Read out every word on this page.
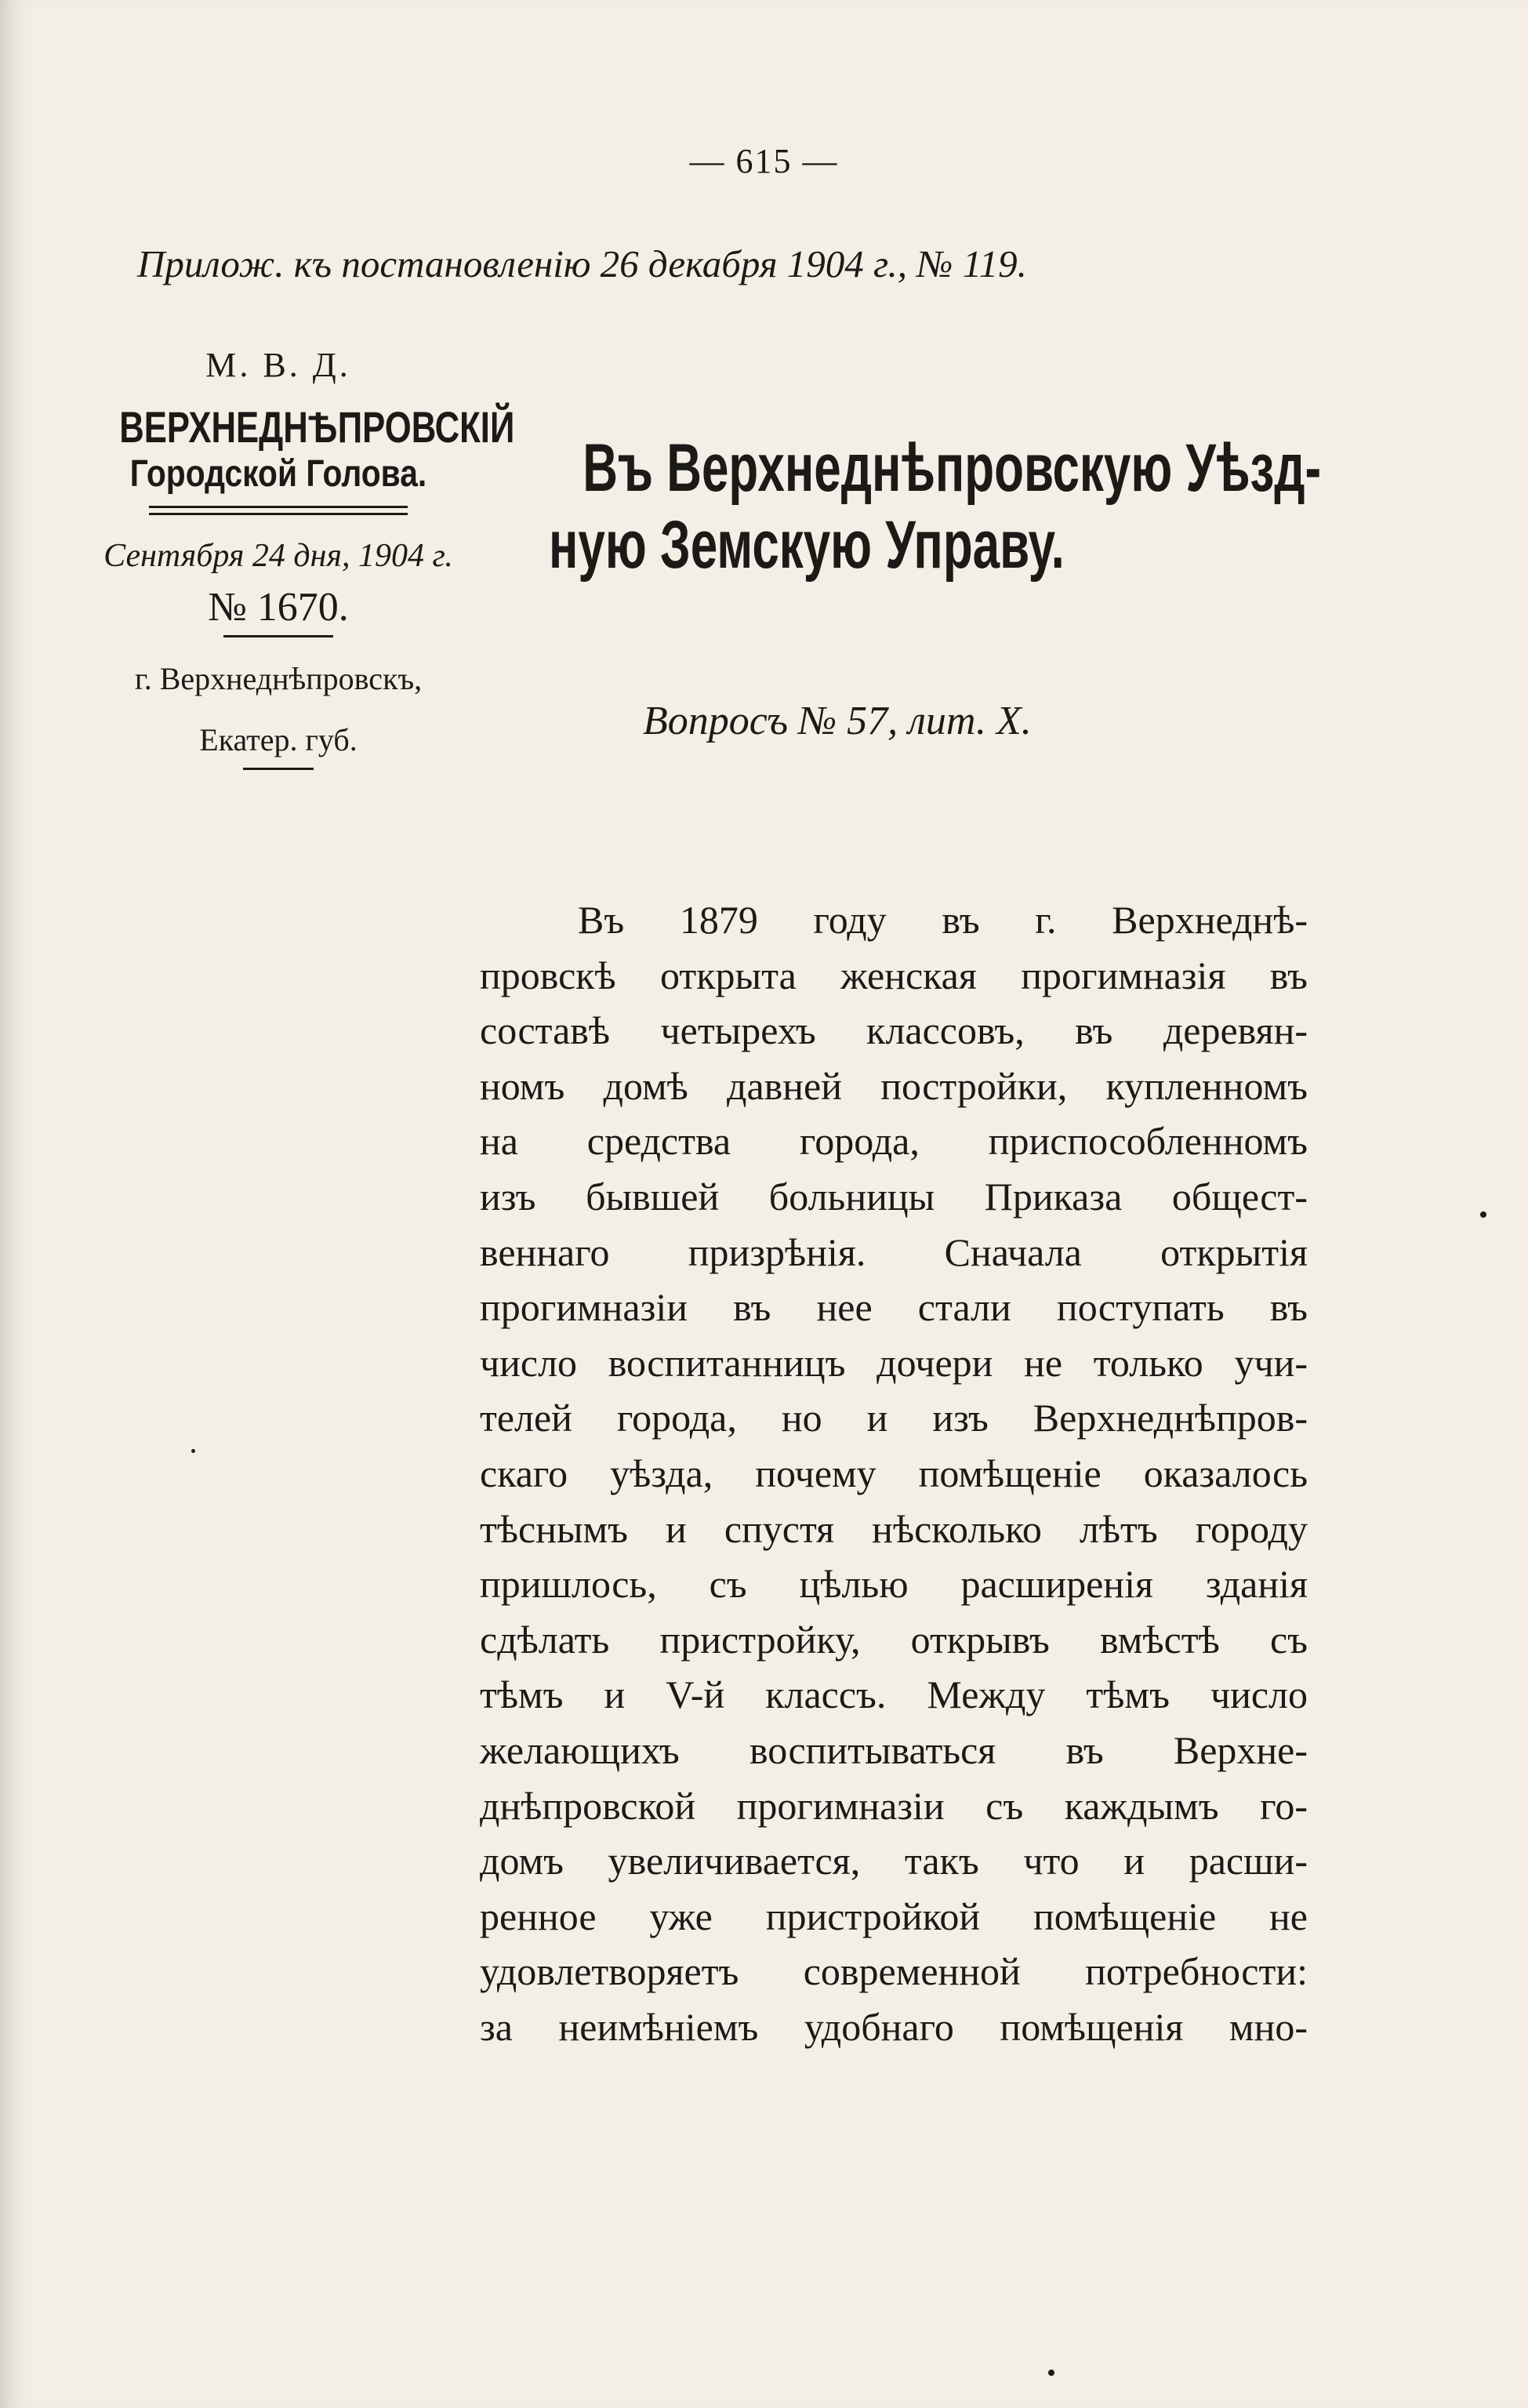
— 615 —
Прилож. къ постановленію 26 декабря 1904 г., № 119.
М. В. Д.
ВЕРХНЕДНѢПРОВСКІЙ
Городской Голова.
Сентября 24 дня, 1904 г.
№ 1670.
г. Верхнеднѣпровскъ,
Екатер. губ.
Въ Верхнеднѣпровскую Уѣзд-
ную Земскую Управу.
Вопросъ № 57, лит. Х.
Въ 1879 году въ г. Верхнеднѣ-
провскѣ открыта женская прогимназія въ
составѣ четырехъ классовъ, въ деревян-
номъ домѣ давней постройки, купленномъ
на средства города, приспособленномъ
изъ бывшей больницы Приказа общест-
веннаго призрѣнія. Сначала открытія
прогимназіи въ нее стали поступать въ
число воспитанницъ дочери не только учи-
телей города, но и изъ Верхнеднѣпров-
скаго уѣзда, почему помѣщеніе оказалось
тѣснымъ и спустя нѣсколько лѣтъ городу
пришлось, съ цѣлью расширенія зданія
сдѣлать пристройку, открывъ вмѣстѣ съ
тѣмъ и V-й классъ. Между тѣмъ число
желающихъ воспитываться въ Верхне-
днѣпровской прогимназіи съ каждымъ го-
домъ увеличивается, такъ что и расши-
ренное уже пристройкой помѣщеніе не
удовлетворяетъ современной потребности:
за неимѣніемъ удобнаго помѣщенія мно-
